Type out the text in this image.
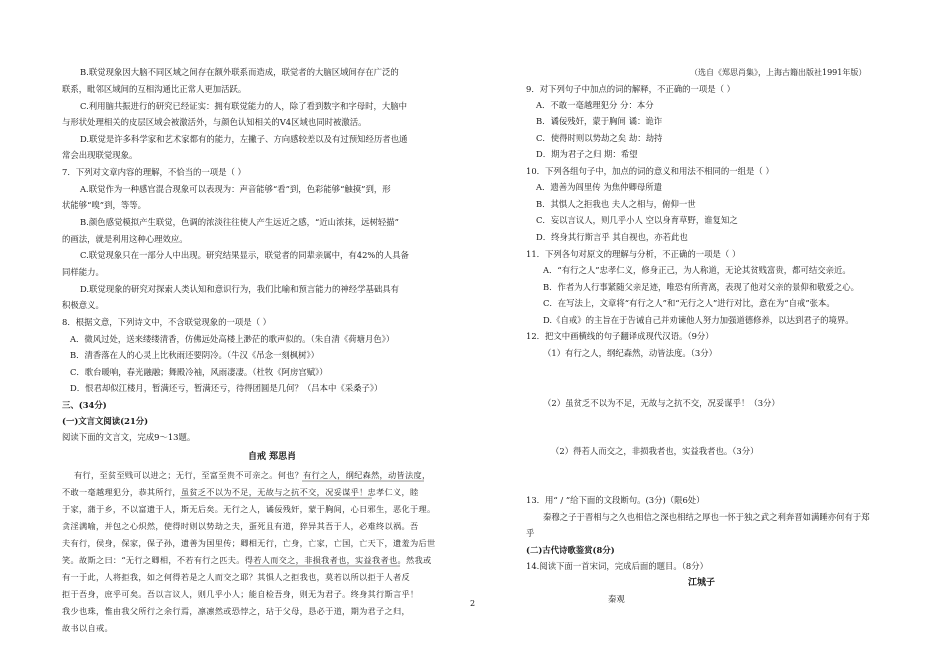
B.联觉现象因大脑不同区域之间存在额外联系而造成，联觉者的大脑区域间存在广泛的
联系，毗邻区域间的互相沟通比正常人更加活跃。
C.利用脑共振进行的研究已经证实：拥有联觉能力的人，除了看到数字和字母时，大脑中
与形状处理相关的皮层区域会被激活外，与颜色认知相关的V4区域也同时被激活。
D.联觉是许多科学家和艺术家都有的能力，左撇子、方向感较差以及有过预知经历者也通
常会出现联觉现象。
7．下列对文章内容的理解，不恰当的一项是（ ）
A.联觉作为一种感官混合现象可以表现为：声音能够“看”到，色彩能够“触摸”到，形
状能够“嗅”到，等等。
B.颜色感觉模拟产生联觉，色调的浓淡往往使人产生远近之感，“近山浓抹，远树轻描”
的画法，就是利用这种心理效应。
C.联觉现象只在一部分人中出现。研究结果显示，联觉者的同辈亲属中，有42%的人具备
同样能力。
D.联觉现象的研究对探索人类认知和意识行为，我们比喻和预言能力的神经学基础具有
积极意义。
8．根据文意，下列诗文中，不含联觉现象的一项是（ ）
A．微风过处，送来缕缕清香，仿佛远处高楼上渺茫的歌声似的。（朱自清《荷塘月色》）
B．清香落在人的心灵上比秋雨还要阴冷。（牛汉《吊念一刻枫树》）
C．歌台暖响，春光融融；舞殿冷袖，风雨凄凄。（杜牧《阿房宫赋》）
D．恨君却似江楼月，暂满还亏，暂满还亏，待得团圆是几何？（吕本中《采桑子》）
三、(34分)
(一)文言文阅读(21分)
阅读下面的文言文，完成9～13题。
自戒 郑思肖
有行，至贫至贱可以进之；无行，至富至贵不可亲之。何也？有行之人，纲纪森然，动皆法度，
不敢一毫越理犯分，恭其所行，虽贫乏不以为不足，无故与之抗不交，况妥谋乎！忠孝仁义，睦
于家，蒲于乡，不以富遗于人，斯无后矣。无行之人，谲佞残奸，蒙于胸间，心日邪生，恶化于理。
贪淫满喻，并包之心炽然，使得时则以势劫之夫，蛋死且有道，猝异其吾于人，必难终以祸。吾
夫有行，侯身，保家，保子孙，遗善为国里传；卿相无行，亡身，亡家，亡国，亡天下，遗羞为后世
笑。故斯之曰：“无行之卿相，不若有行之匹夫。得若人而交之，非损我者也，实益我者也。然我或
有一于此，人将拒我，如之何得若是之人而交之耶？其惧人之拒我也，莫若以所以拒于人者反
拒于吾身，庶乎可矣。吾以言议人，则几乎小人；能自检吾身，则无为君子。终身其行斯言乎！
我少也珠，惟由我父所行之余行焉，凛凛然或恐悖之，玷于父母，恳必于道，期为君子之归，
故书以自戒。
（选自《郑思肖集》，上海古籍出版社1991年版）
9．对下列句子中加点的词的解释，不正确的一项是（ ）
A．不敢一毫越理犯分 分：本分
B．谲佞残奸，蒙于胸间 谲：诡诈
C．使得时则以势劫之矣 劫：劫持
D．期为君子之归 期：希望
10．下列各组句子中，加点的词的意义和用法不相同的一组是（ ）
A．遗善为闾里传 为焦仲卿母所遣
B．其惧人之拒我也 夫人之相与，俯仰一世
C．妄以言议人，则几乎小人 空以身育草野，谁复知之
D．终身其行斯言乎 其自视也，亦若此也
11．下列各句对原文的理解与分析，不正确的一项是（ ）
A．“有行之人”忠孝仁义，修身正己，为人称道，无论其贫贱富贵，都可结交亲近。
B．作者为人行事紧随父亲足迹，唯恐有所背离，表现了他对父亲的景仰和敬爱之心。
C．在写法上，文章将“有行之人”和“无行之人”进行对比，意在为“自戒”张本。
D.《自戒》的主旨在于告诫自己并劝谏他人努力加强道德修养，以达到君子的境界。
12．把文中画横线的句子翻译成现代汉语。（9分）
（1）有行之人，纲纪森然，动皆法度。（3分）
（2）虽贫乏不以为不足，无故与之抗不交，况妥谋乎！（3分）
（2）得若人而交之，非损我者也，实益我者也。（3分）
13．用“ / ”给下面的文段断句。(3分)（限6处）
秦穆之子于晋相与之久也相信之深也相结之厚也一怀于独之武之利奔晋如满睡亦何有于郑
乎
(二)古代诗歌鉴赏(8分)
14.阅读下面一首宋词，完成后面的题目。（8分）
江城子
秦观
2
